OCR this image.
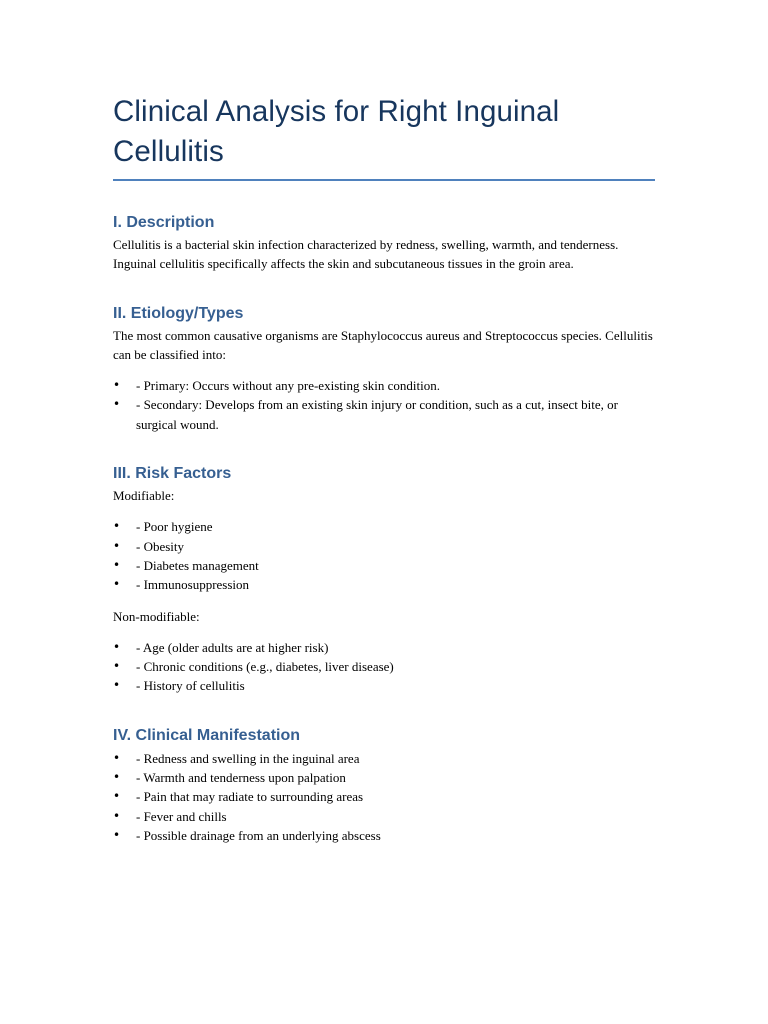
Clinical Analysis for Right Inguinal Cellulitis
I. Description

Cellulitis is a bacterial skin infection characterized by redness, swelling, warmth, and tenderness. Inguinal cellulitis specifically affects the skin and subcutaneous tissues in the groin area.

II. Etiology/Types

The most common causative organisms are Staphylococcus aureus and Streptococcus species. Cellulitis can be classified into:

• - Primary: Occurs without any pre-existing skin condition.
• - Secondary: Develops from an existing skin injury or condition, such as a cut, insect bite, or surgical wound.
III. Risk Factors

Modifiable:

• - Poor hygiene
• - Obesity
• - Diabetes management
• - Immunosuppression

Non-modifiable:

• - Age (older adults are at higher risk)
• - Chronic conditions (e.g., diabetes, liver disease)
• - History of cellulitis
IV. Clinical Manifestation
• - Redness and swelling in the inguinal area
• - Warmth and tenderness upon palpation
• - Pain that may radiate to surrounding areas
• - Fever and chills
• - Possible drainage from an underlying abscess
